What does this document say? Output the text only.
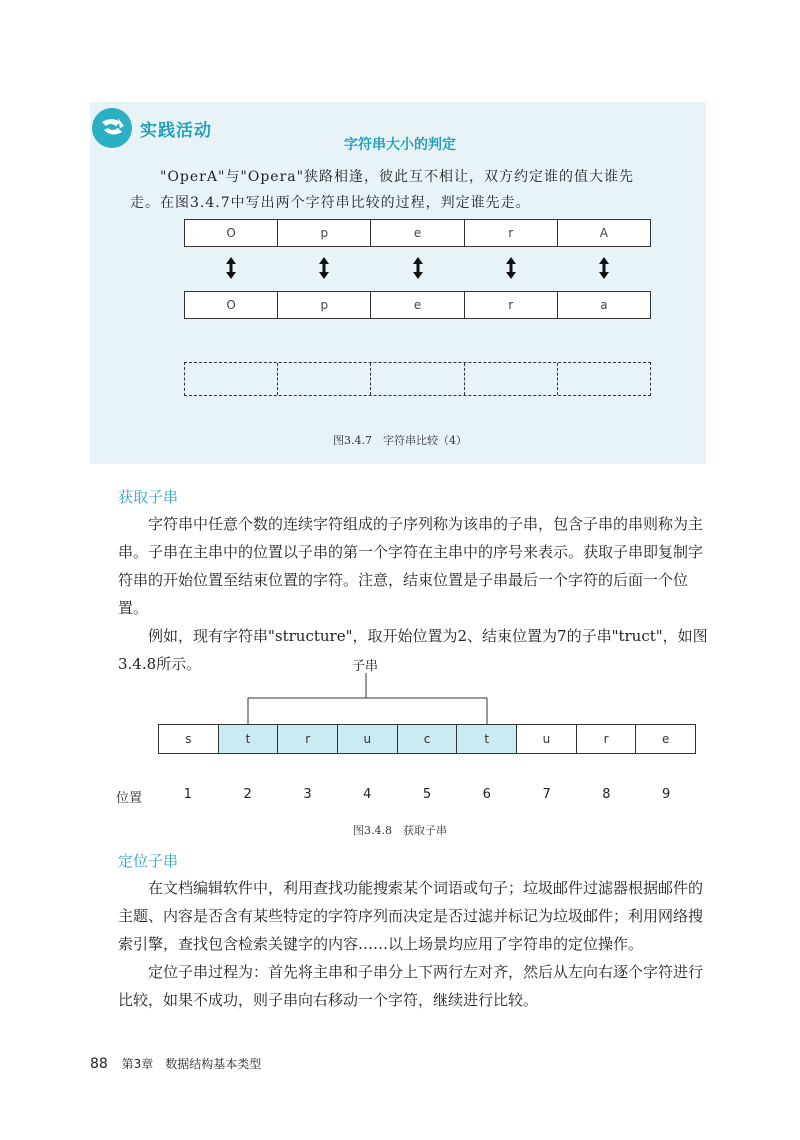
实践活动
字符串大小的判定
"OperA"与"Opera"狭路相逢，彼此互不相让，双方约定谁的值大谁先
走。在图3.4.7中写出两个字符串比较的过程，判定谁先走。
O	p	e	r	A
O	p	e	r	a
图3.4.7　字符串比较（4）
获取子串
字符串中任意个数的连续字符组成的子序列称为该串的子串，包含子串的串则称为主串。子串在主串中的位置以子串的第一个字符在主串中的序号来表示。获取子串即复制字符串的开始位置至结束位置的字符。注意，结束位置是子串最后一个字符的后面一个位置。
例如，现有字符串"structure"，取开始位置为2、结束位置为7的子串"truct"，如图3.4.8所示。	子串
s	t	r	u	c	t	u	r	e
位置	1	2	3	4	5	6	7	8	9
图3.4.8　获取子串
定位子串
在文档编辑软件中，利用查找功能搜索某个词语或句子；垃圾邮件过滤器根据邮件的主题、内容是否含有某些特定的字符序列而决定是否过滤并标记为垃圾邮件；利用网络搜索引擎，查找包含检索关键字的内容……以上场景均应用了字符串的定位操作。
定位子串过程为：首先将主串和子串分上下两行左对齐，然后从左向右逐个字符进行比较，如果不成功，则子串向右移动一个字符，继续进行比较。
88 第3章　数据结构基本类型
